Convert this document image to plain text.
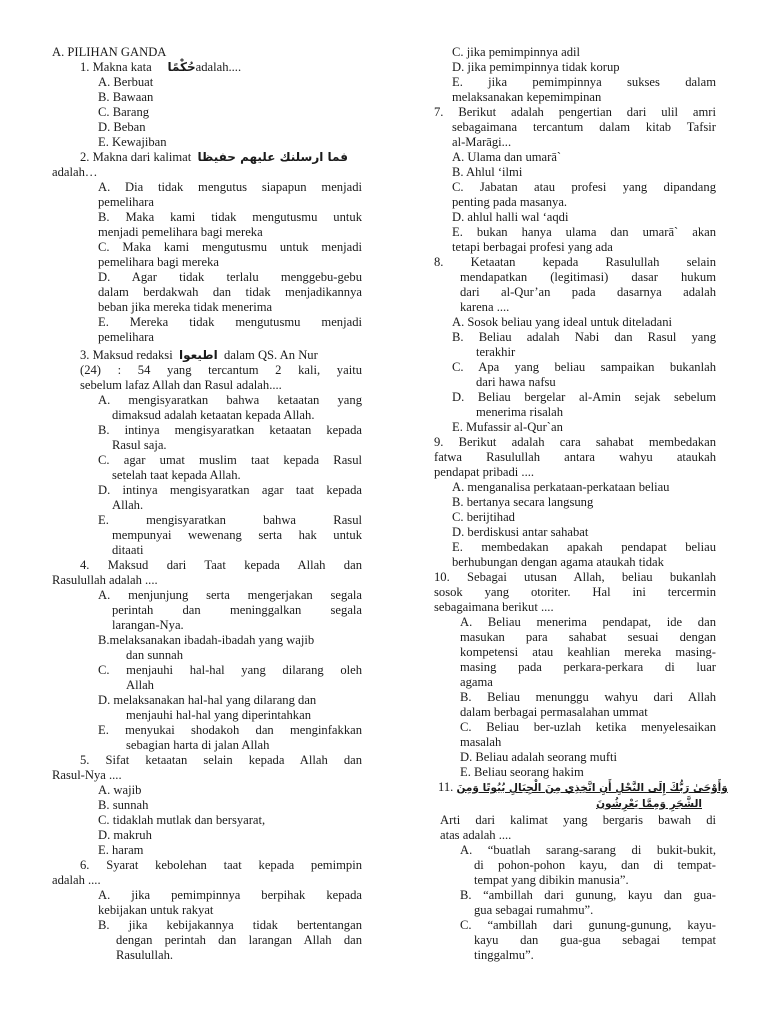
A. PILIHAN GANDA
1. Makna kata حُكْمًاadalah....
A. Berbuat
B. Bawaan
C. Barang
D. Beban
E. Kewajiban
2. Makna dari kalimat فما ارسلنك عليهم حفيظا
adalah…
A. Dia tidak mengutus siapapun menjadi
pemelihara
B. Maka kami tidak mengutusmu untuk
menjadi pemelihara bagi mereka
C. Maka kami mengutusmu untuk menjadi
pemelihara bagi mereka
D. Agar tidak terlalu menggebu-gebu
dalam berdakwah dan tidak menjadikannya
beban jika mereka tidak menerima
E. Mereka tidak mengutusmu menjadi
pemelihara
3. Maksud redaksi اطيعوا dalam QS. An Nur
(24) : 54 yang tercantum 2 kali, yaitu
sebelum lafaz Allah dan Rasul adalah....
A. mengisyaratkan bahwa ketaatan yang
dimaksud adalah ketaatan kepada Allah.
B. intinya mengisyaratkan ketaatan kepada
Rasul saja.
C. agar umat muslim taat kepada Rasul
setelah taat kepada Allah.
D. intinya mengisyaratkan agar taat kepada
Allah.
E. mengisyaratkan bahwa Rasul
mempunyai wewenang serta hak untuk
ditaati
4. Maksud dari Taat kepada Allah dan
Rasulullah adalah ....
A. menjunjung serta mengerjakan segala
perintah dan meninggalkan segala
larangan-Nya.
B.melaksanakan ibadah-ibadah yang wajib
dan sunnah
C. menjauhi hal-hal yang dilarang oleh
Allah
D. melaksanakan hal-hal yang dilarang dan
menjauhi hal-hal yang diperintahkan
E. menyukai shodakoh dan menginfakkan
sebagian harta di jalan Allah
5. Sifat ketaatan selain kepada Allah dan
Rasul-Nya ....
A. wajib
B. sunnah
C. tidaklah mutlak dan bersyarat,
D. makruh
E. haram
6. Syarat kebolehan taat kepada pemimpin
adalah ....
A. jika pemimpinnya berpihak kepada
kebijakan untuk rakyat
B. jika kebijakannya tidak bertentangan
dengan perintah dan larangan Allah dan
Rasulullah.
C. jika pemimpinnya adil
D. jika pemimpinnya tidak korup
E. jika pemimpinnya sukses dalam
melaksanakan kepemimpinan
7. Berikut adalah pengertian dari ulil amri
sebagaimana tercantum dalam kitab Tafsir
al-Marāgi...
A. Ulama dan umarā`
B. Ahlul ‘ilmi
C. Jabatan atau profesi yang dipandang
penting pada masanya.
D. ahlul halli wal ‘aqdi
E. bukan hanya ulama dan umarā` akan
tetapi berbagai profesi yang ada
8. Ketaatan kepada Rasulullah selain
mendapatkan (legitimasi) dasar hukum
dari al-Qur’an pada dasarnya adalah
karena ....
A. Sosok beliau yang ideal untuk diteladani
B. Beliau adalah Nabi dan Rasul yang
terakhir
C. Apa yang beliau sampaikan bukanlah
dari hawa nafsu
D. Beliau bergelar al-Amin sejak sebelum
menerima risalah
E. Mufassir al-Qur`an
9. Berikut adalah cara sahabat membedakan
fatwa Rasulullah antara wahyu ataukah
pendapat pribadi ....
A. menganalisa perkataan-perkataan beliau
B. bertanya secara langsung
C. berijtihad
D. berdiskusi antar sahabat
E. membedakan apakah pendapat beliau
berhubungan dengan agama ataukah tidak
10. Sebagai utusan Allah, beliau bukanlah
sosok yang otoriter. Hal ini tercermin
sebagaimana berikut ....
A. Beliau menerima pendapat, ide dan
masukan para sahabat sesuai dengan
kompetensi atau keahlian mereka masing-
masing pada perkara-perkara di luar
agama
B. Beliau menunggu wahyu dari Allah
dalam berbagai permasalahan ummat
C. Beliau ber-uzlah ketika menyelesaikan
masalah
D. Beliau adalah seorang mufti
E. Beliau seorang hakim
11. وَأَوْحَىٰ رَبُّكَ إِلَى النَّحْلِ أَنِ اتَّخِذِي مِنَ الْجِبَالِ بُيُوتًا وَمِنَ
الشَّجَرِ وَمِمَّا يَعْرِشُونَ
Arti dari kalimat yang bergaris bawah di
atas adalah ....
A. “buatlah sarang-sarang di bukit-bukit,
di pohon-pohon kayu, dan di tempat-
tempat yang dibikin manusia”.
B. “ambillah dari gunung, kayu dan gua-
gua sebagai rumahmu”.
C. “ambillah dari gunung-gunung, kayu-
kayu dan gua-gua sebagai tempat
tinggalmu”.
